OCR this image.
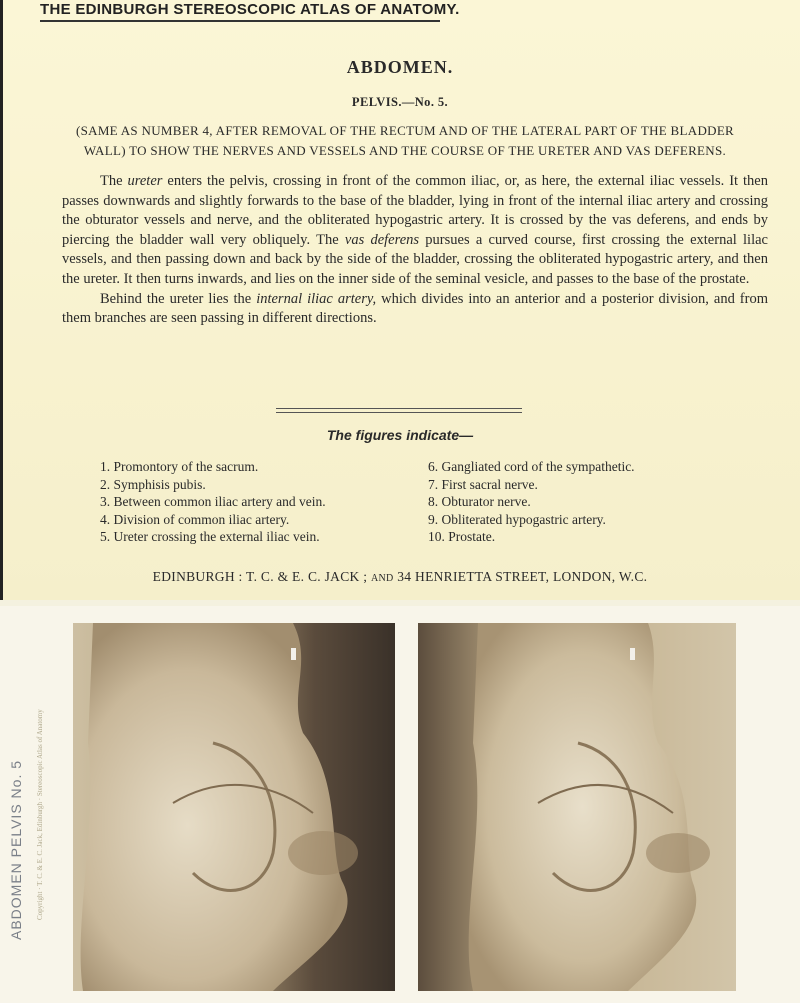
THE EDINBURGH STEREOSCOPIC ATLAS OF ANATOMY.
ABDOMEN.
PELVIS.—No. 5.
(SAME AS NUMBER 4, AFTER REMOVAL OF THE RECTUM AND OF THE LATERAL PART OF THE BLADDER WALL) TO SHOW THE NERVES AND VESSELS AND THE COURSE OF THE URETER AND VAS DEFERENS.

The ureter enters the pelvis, crossing in front of the common iliac, or, as here, the external iliac vessels. It then passes downwards and slightly forwards to the base of the bladder, lying in front of the internal iliac artery and crossing the obturator vessels and nerve, and the obliterated hypogastric artery. It is crossed by the vas deferens, and ends by piercing the bladder wall very obliquely. The vas deferens pursues a curved course, first crossing the external lilac vessels, and then passing down and back by the side of the bladder, crossing the obliterated hypogastric artery, and then the ureter. It then turns inwards, and lies on the inner side of the seminal vesicle, and passes to the base of the prostate.

Behind the ureter lies the internal iliac artery, which divides into an anterior and a posterior division, and from them branches are seen passing in different directions.

The figures indicate—
1. Promontory of the sacrum.
2. Symphisis pubis.
3. Between common iliac artery and vein.
4. Division of common iliac artery.
5. Ureter crossing the external iliac vein.
6. Gangliated cord of the sympathetic.
7. First sacral nerve.
8. Obturator nerve.
9. Obliterated hypogastric artery.
10. Prostate.
EDINBURGH : T. C. & E. C. JACK ; AND 34 HENRIETTA STREET, LONDON, W.C.
ABDOMEN PELVIS No. 5 Copyright · T. C. & E. C. Jack, Edinburgh · Stereoscopic Atlas of Anatomy
